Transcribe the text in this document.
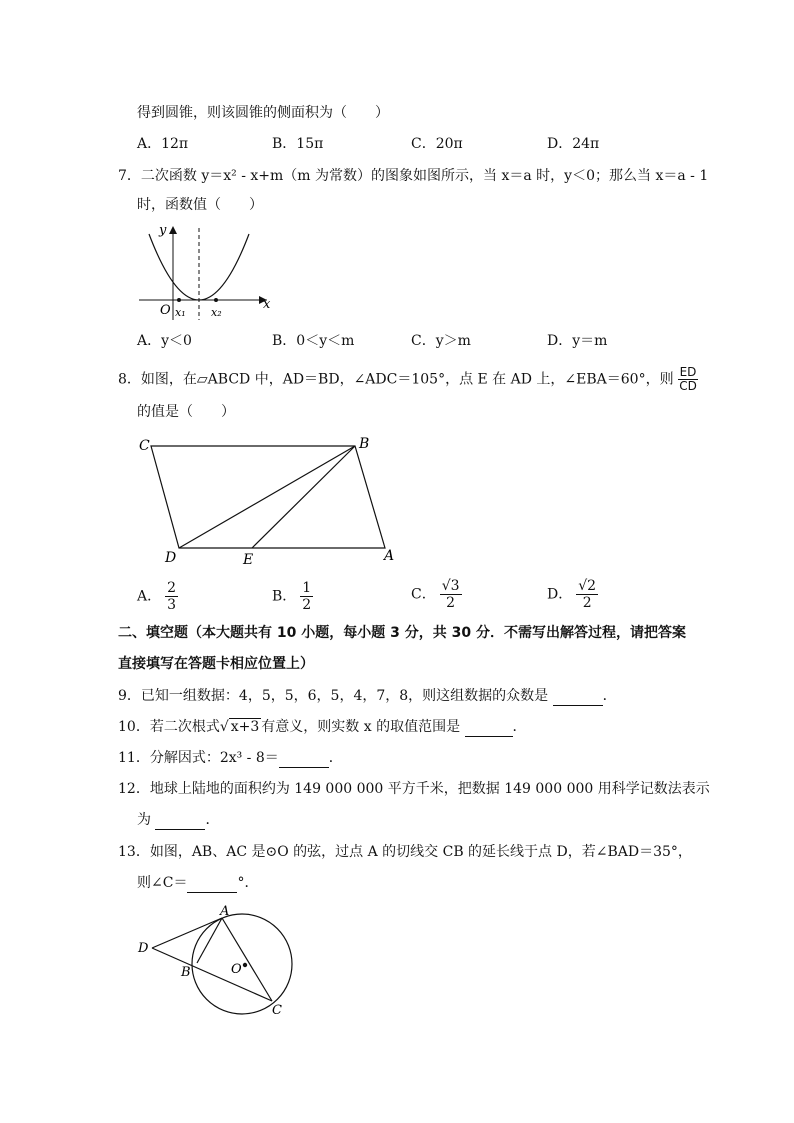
得到圆锥，则该圆锥的侧面积为（　　）
A．12π	B．15π	C．20π	D．24π
7．二次函数 y＝x² - x+m（m 为常数）的图象如图所示，当 x＝a 时，y＜0；那么当 x＝a - 1
时，函数值（　　）
y
x
O x₁ x₂
A．y＜0	B．0＜y＜m	C．y＞m	D．y＝m
8．如图，在▱ABCD 中，AD＝BD，∠ADC＝105°，点 E 在 AD 上，∠EBA＝60°，则 $\frac{ED}{CD}$
的值是（　　）
C	B
D	E	A
A． $\frac{2}{3}$	B． $\frac{1}{2}$	C． $\frac{√3}{2}$	D． $\frac{√2}{2}$
二、填空题（本大题共有 10 小题，每小题 3 分，共 30 分．不需写出解答过程，请把答案
直接填写在答题卡相应位置上）
9．已知一组数据：4，5，5，6，5，4，7，8，则这组数据的众数是	．
10．若二次根式√ x+3 有意义，则实数 x 的取值范围是	．
11．分解因式：2x³ - 8＝	．
12．地球上陆地的面积约为 149 000 000 平方千米，把数据 149 000 000 用科学记数法表示
为	．
13．如图，AB、AC 是⊙O 的弦，过点 A 的切线交 CB 的延长线于点 D，若∠BAD＝35°，
则∠C＝	°．
A
D
B	O
C
